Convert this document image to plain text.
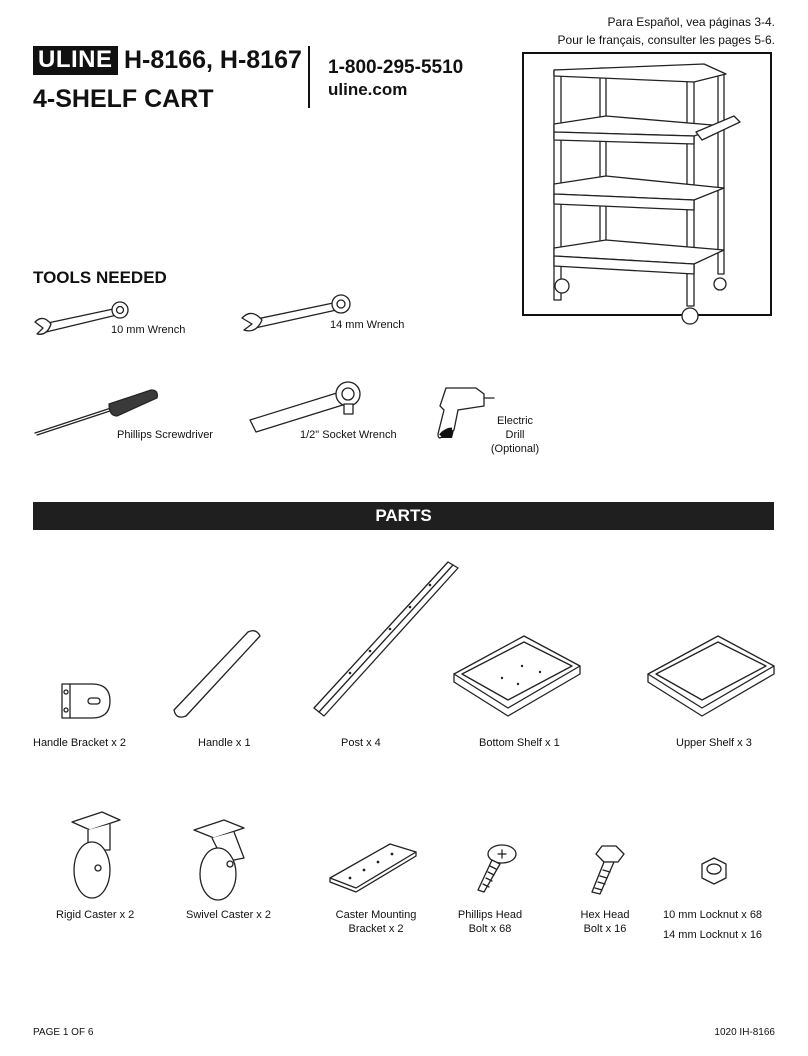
ULINE H-8166, H-8167
4-SHELF CART
1-800-295-5510
uline.com
Para Español, vea páginas 3-4.
Pour le français, consulter les pages 5-6.
TOOLS NEEDED
10 mm Wrench	14 mm Wrench
Phillips Screwdriver	1/2" Socket Wrench
Electric Drill
(Optional)
PARTS
Handle Bracket x 2	Handle x 1	Post x 4	Bottom Shelf x 1	Upper Shelf x 3
Rigid Caster x 2	Swivel Caster x 2	Caster Mounting
Bracket x 2
Phillips Head
Bolt x 68
Hex Head
Bolt x 16
10 mm Locknut x 68
14 mm Locknut x 16
PAGE 1 OF 6	1020 IH-8166
